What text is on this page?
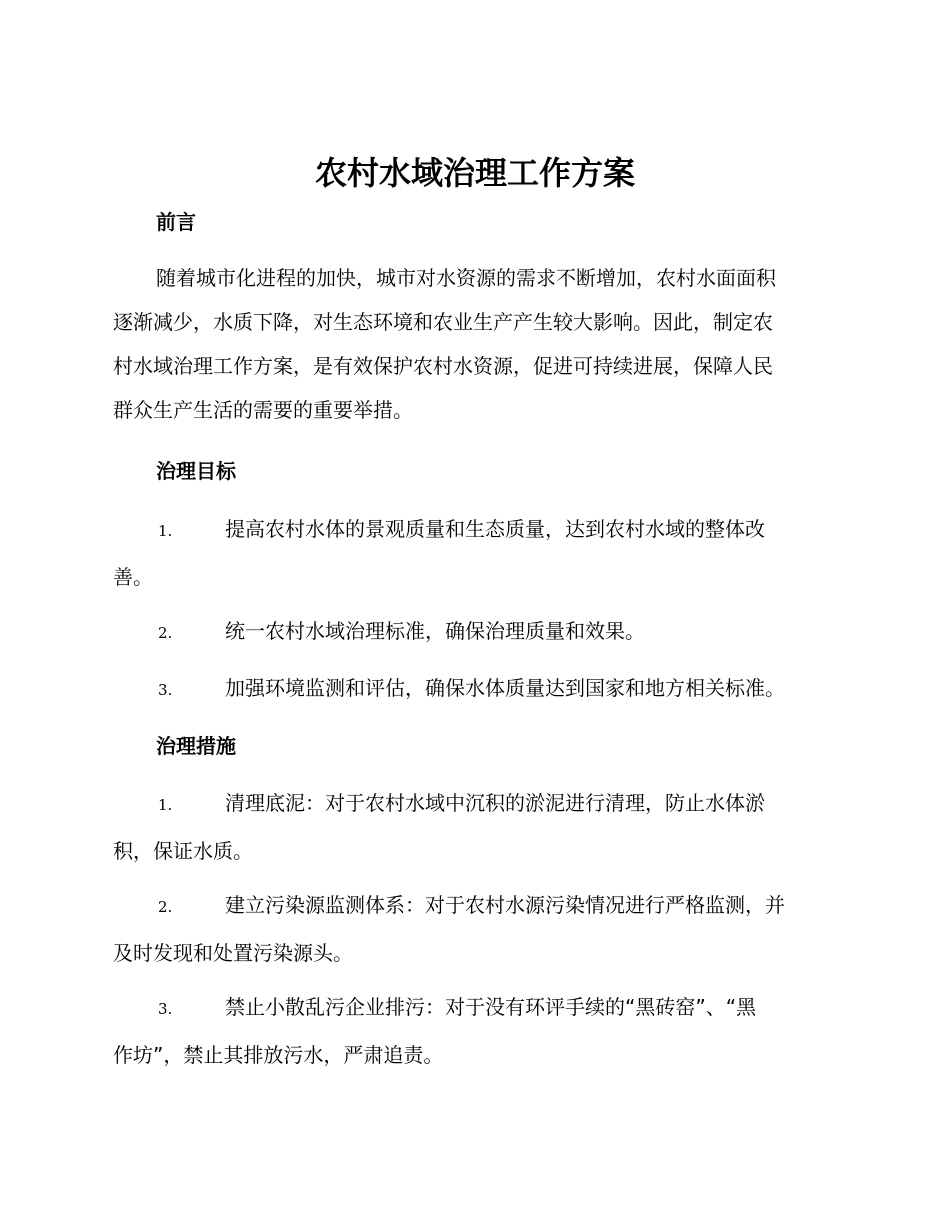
农村水域治理工作方案
前言
随着城市化进程的加快，城市对水资源的需求不断增加，农村水面面积
逐渐减少，水质下降，对生态环境和农业生产产生较大影响。因此，制定农
村水域治理工作方案，是有效保护农村水资源，促进可持续进展，保障人民
群众生产生活的需要的重要举措。
治理目标
1.	提高农村水体的景观质量和生态质量，达到农村水域的整体改
善。
2.	统一农村水域治理标准，确保治理质量和效果。
3.	加强环境监测和评估，确保水体质量达到国家和地方相关标准。
治理措施
1.	清理底泥：对于农村水域中沉积的淤泥进行清理，防止水体淤
积，保证水质。
2.	建立污染源监测体系：对于农村水源污染情况进行严格监测，并
及时发现和处置污染源头。
3.	禁止小散乱污企业排污：对于没有环评手续的“黑砖窑”、“黑
作坊”，禁止其排放污水，严肃追责。
